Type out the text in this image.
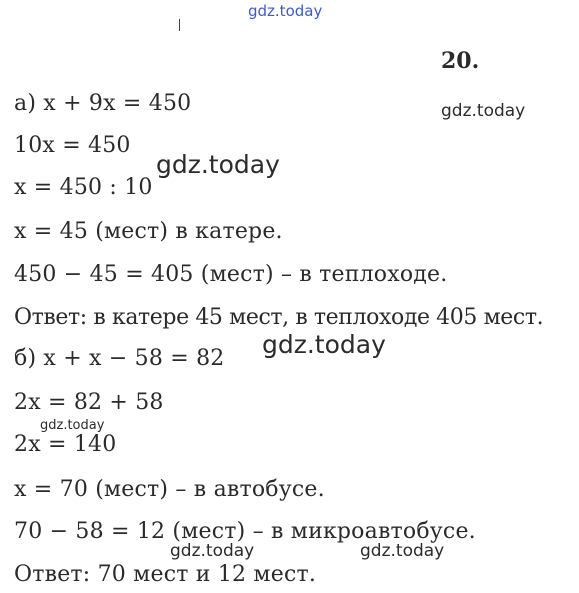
gdz.today
20.
gdz.today
а) x + 9x = 450
10x = 450
gdz.today
x = 450 : 10
x = 45 (мест) в катере.
450 − 45 = 405 (мест) – в теплоходе.
Ответ: в катере 45 мест, в теплоходе 405 мест.
gdz.today
б) x + x − 58 = 82
2x = 82 + 58
gdz.today
2x = 140
x = 70 (мест) – в автобусе.
70 − 58 = 12 (мест) – в микроавтобусе.
gdz.today	gdz.today
Ответ: 70 мест и 12 мест.
